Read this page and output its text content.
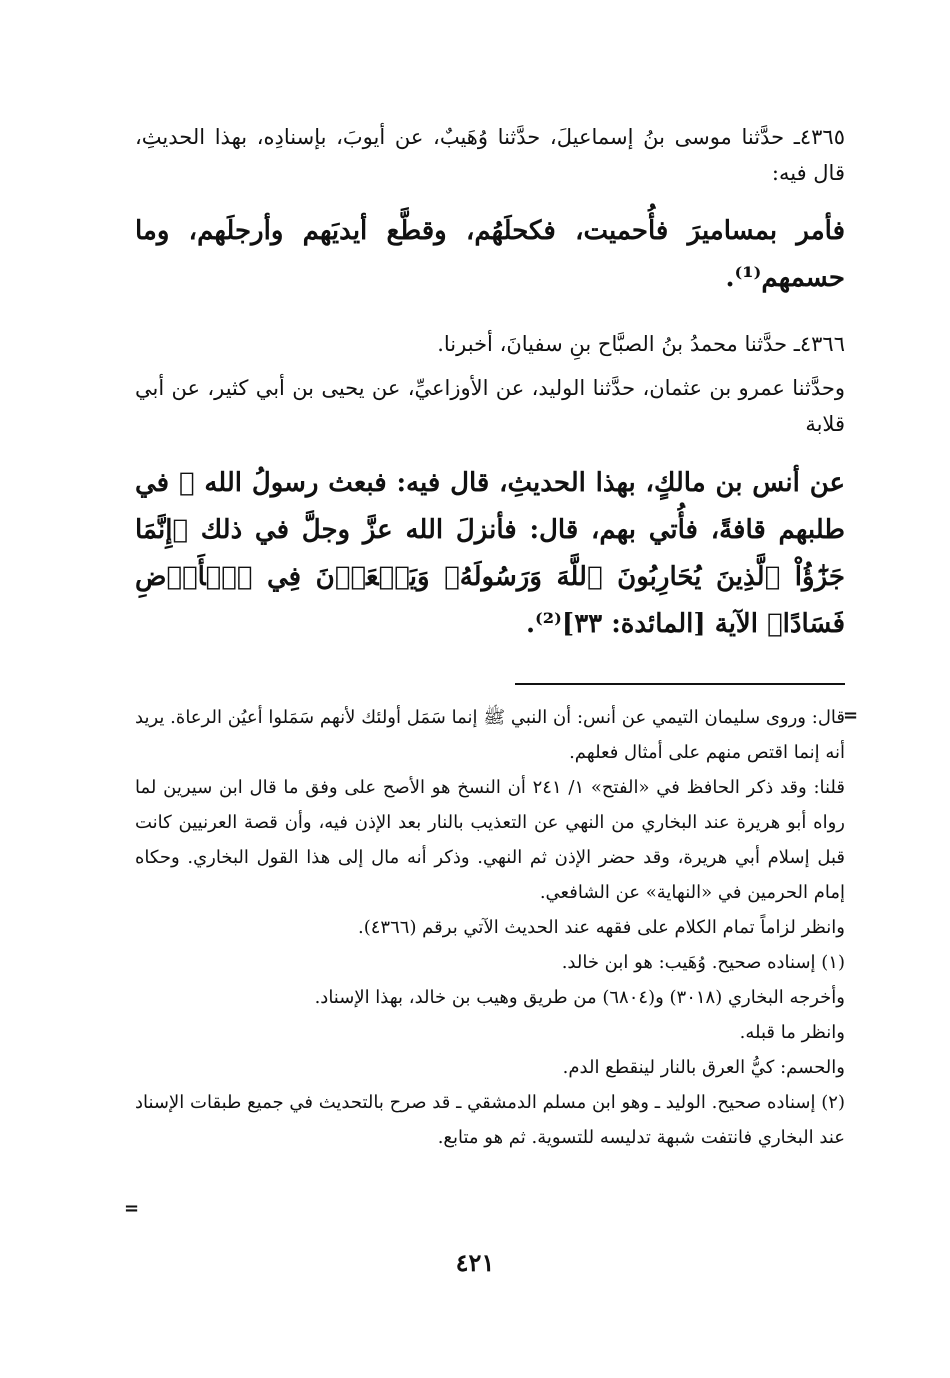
٤٣٦٥ـ حدَّثنا موسى بنُ إسماعيلَ، حدَّثنا وُهَيبٌ، عن أيوبَ، بإسنادِه، بهذا الحديثِ، قال فيه:
فأمر بمساميرَ فأُحميت، فكحلَهُم، وقطَّع أيديَهم وأرجلَهم، وما حسمهم⁽¹⁾.
٤٣٦٦ـ حدَّثنا محمدُ بنُ الصبَّاح بنِ سفيانَ، أخبرنا.
وحدَّثنا عمرو بن عثمان، حدَّثنا الوليد، عن الأوزاعيِّ، عن يحيى بن أبي كثير، عن أبي قلابة
عن أنس بن مالكٍ، بهذا الحديثِ، قال فيه: فبعث رسولُ الله ﷺ في طلبهم قافةً، فأُتي بهم، قال: فأنزلَ الله عزَّ وجلَّ في ذلك ﴿إِنَّمَا جَزَٰٓؤُاْ ٱلَّذِينَ يُحَارِبُونَ ٱللَّهَ وَرَسُولَهُۥ وَيَسۡعَوۡنَ فِي ٱلۡأَرۡضِ فَسَادًا﴾ الآية [المائدة: ٣٣]⁽²⁾.
=

قال: وروى سليمان التيمي عن أنس: أن النبي ﷺ إنما سَمَل أولئك لأنهم سَمَلوا أعيُن الرعاة. يريد أنه إنما اقتص منهم على أمثال فعلهم.

قلنا: وقد ذكر الحافظ في «الفتح» ١/ ٢٤١ أن النسخ هو الأصح على وفق ما قال ابن سيرين لما رواه أبو هريرة عند البخاري من النهي عن التعذيب بالنار بعد الإذن فيه، وأن قصة العرنيين كانت قبل إسلام أبي هريرة، وقد حضر الإذن ثم النهي. وذكر أنه مال إلى هذا القول البخاري. وحكاه إمام الحرمين في «النهاية» عن الشافعي.

وانظر لزاماً تمام الكلام على فقهه عند الحديث الآتي برقم (٤٣٦٦).

(١) إسناده صحيح. وُهَيب: هو ابن خالد.

وأخرجه البخاري (٣٠١٨) و(٦٨٠٤) من طريق وهيب بن خالد، بهذا الإسناد.

وانظر ما قبله.

والحسم: كيُّ العرق بالنار لينقطع الدم.

(٢) إسناده صحيح. الوليد ـ وهو ابن مسلم الدمشقي ـ قد صرح بالتحديث في جميع طبقات الإسناد عند البخاري فانتفت شبهة تدليسه للتسوية. ثم هو متابع.

=
٤٢١
